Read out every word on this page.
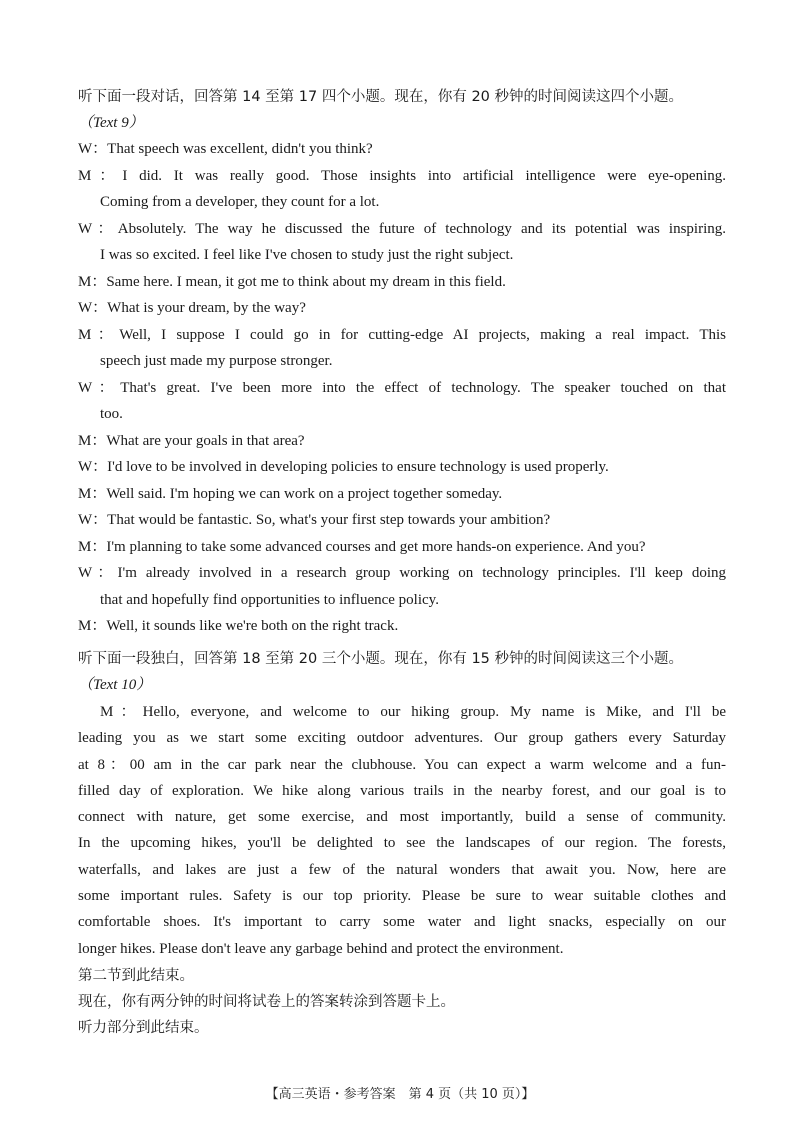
听下面一段对话，回答第 14 至第 17 四个小题。现在，你有 20 秒钟的时间阅读这四个小题。
（Text 9）
W：That speech was excellent, didn't you think?
M：I did. It was really good. Those insights into artificial intelligence were eye-opening.
Coming from a developer, they count for a lot.
W：Absolutely. The way he discussed the future of technology and its potential was inspiring.
I was so excited. I feel like I've chosen to study just the right subject.
M：Same here. I mean, it got me to think about my dream in this field.
W：What is your dream, by the way?
M：Well, I suppose I could go in for cutting-edge AI projects, making a real impact. This
speech just made my purpose stronger.
W：That's great. I've been more into the effect of technology. The speaker touched on that
too.
M：What are your goals in that area?
W：I'd love to be involved in developing policies to ensure technology is used properly.
M：Well said. I'm hoping we can work on a project together someday.
W：That would be fantastic. So, what's your first step towards your ambition?
M：I'm planning to take some advanced courses and get more hands-on experience. And you?
W：I'm already involved in a research group working on technology principles. I'll keep doing
that and hopefully find opportunities to influence policy.
M：Well, it sounds like we're both on the right track.
听下面一段独白，回答第 18 至第 20 三个小题。现在，你有 15 秒钟的时间阅读这三个小题。
（Text 10）
M：Hello, everyone, and welcome to our hiking group. My name is Mike, and I'll be
leading you as we start some exciting outdoor adventures. Our group gathers every Saturday
at 8：00 am in the car park near the clubhouse. You can expect a warm welcome and a fun-
filled day of exploration. We hike along various trails in the nearby forest, and our goal is to
connect with nature, get some exercise, and most importantly, build a sense of community.
In the upcoming hikes, you'll be delighted to see the landscapes of our region. The forests,
waterfalls, and lakes are just a few of the natural wonders that await you. Now, here are
some important rules. Safety is our top priority. Please be sure to wear suitable clothes and
comfortable shoes. It's important to carry some water and light snacks, especially on our
longer hikes. Please don't leave any garbage behind and protect the environment.
第二节到此结束。
现在，你有两分钟的时间将试卷上的答案转涂到答题卡上。
听力部分到此结束。
【高三英语・参考答案　第 4 页（共 10 页）】
